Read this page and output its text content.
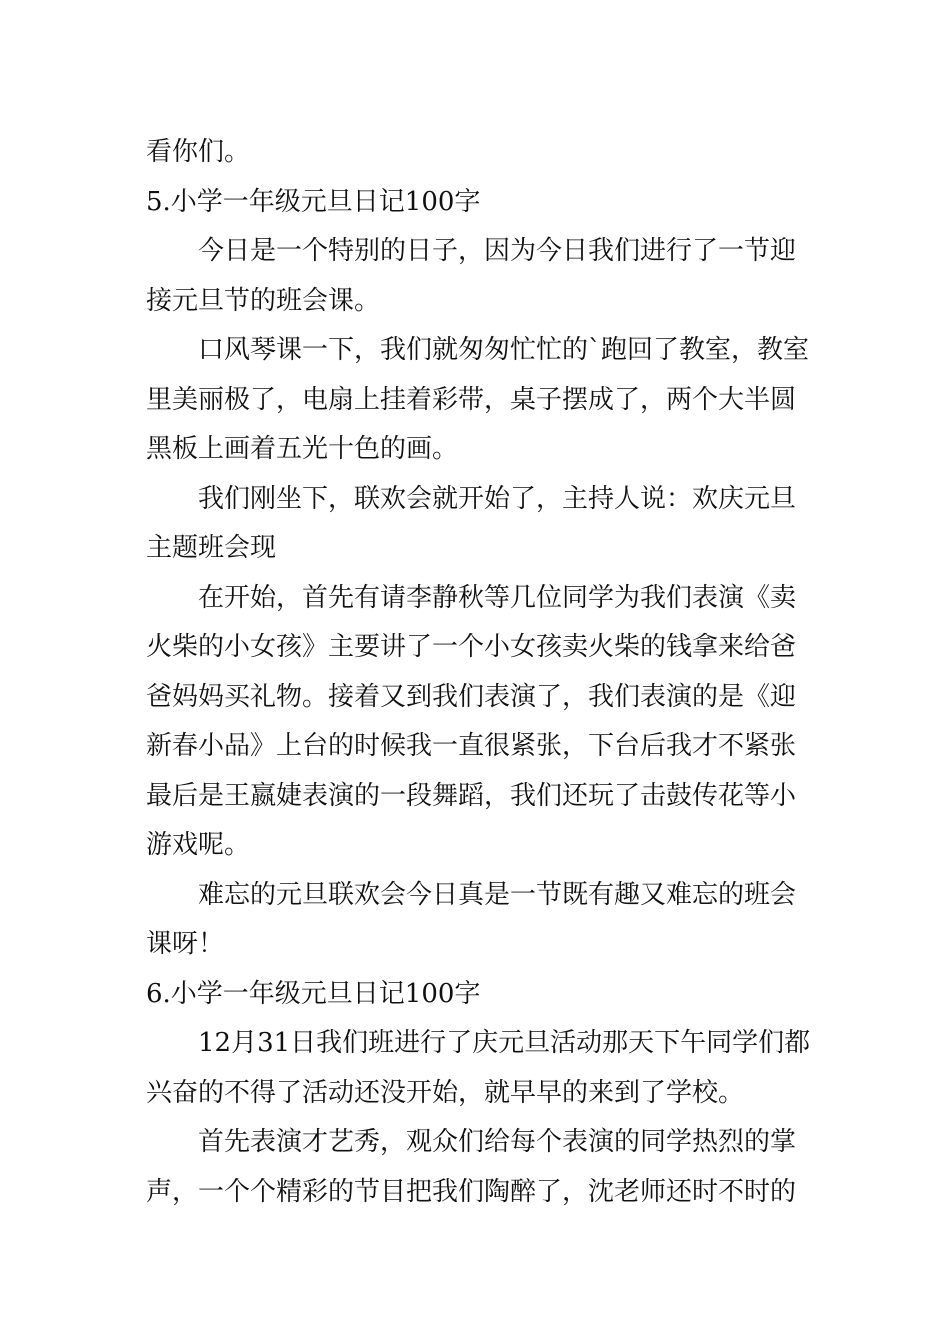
看你们。
5.小学一年级元旦日记100字
今日是一个特别的日子，因为今日我们进行了一节迎
接元旦节的班会课。
口风琴课一下，我们就匆匆忙忙的`跑回了教室，教室
里美丽极了，电扇上挂着彩带，桌子摆成了，两个大半圆
黑板上画着五光十色的画。
我们刚坐下，联欢会就开始了，主持人说：欢庆元旦
主题班会现
在开始，首先有请李静秋等几位同学为我们表演《卖
火柴的小女孩》主要讲了一个小女孩卖火柴的钱拿来给爸
爸妈妈买礼物。接着又到我们表演了，我们表演的是《迎
新春小品》上台的时候我一直很紧张，下台后我才不紧张
最后是王嬴婕表演的一段舞蹈，我们还玩了击鼓传花等小
游戏呢。
难忘的元旦联欢会今日真是一节既有趣又难忘的班会
课呀！
6.小学一年级元旦日记100字
12月31日我们班进行了庆元旦活动那天下午同学们都
兴奋的不得了活动还没开始，就早早的来到了学校。
首先表演才艺秀，观众们给每个表演的同学热烈的掌
声，一个个精彩的节目把我们陶醉了，沈老师还时不时的
